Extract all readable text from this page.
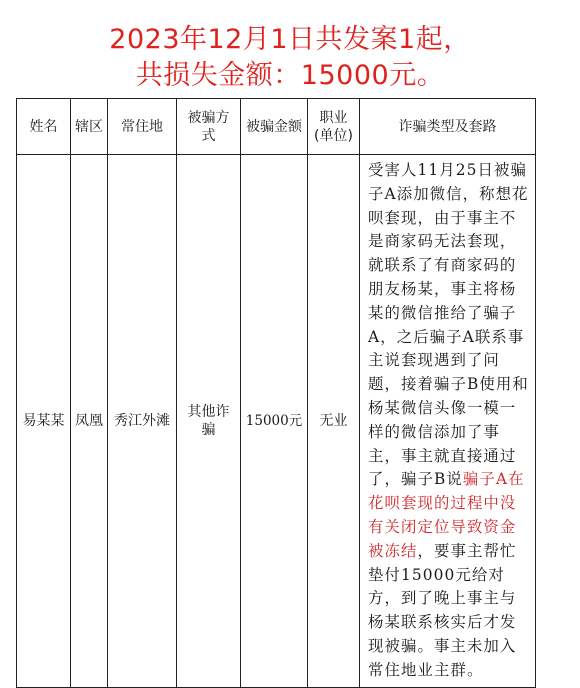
2023年12月1日共发案1起，
共损失金额：15000元。
姓名	辖区	常住地	被骗方式	被骗金额	职业(单位)	诈骗类型及套路
易某某	凤凰	秀江外滩	其他诈骗	15000元	无业	受害人11月25日被骗子A添加微信，称想花呗套现，由于事主不是商家码无法套现，就联系了有商家码的朋友杨某，事主将杨某的微信推给了骗子A，之后骗子A联系事主说套现遇到了问题，接着骗子B使用和杨某微信头像一模一样的微信添加了事主，事主就直接通过了，骗子B说骗子A在花呗套现的过程中没有关闭定位导致资金被冻结，要事主帮忙垫付15000元给对方，到了晚上事主与杨某联系核实后才发现被骗。事主未加入常住地业主群。
